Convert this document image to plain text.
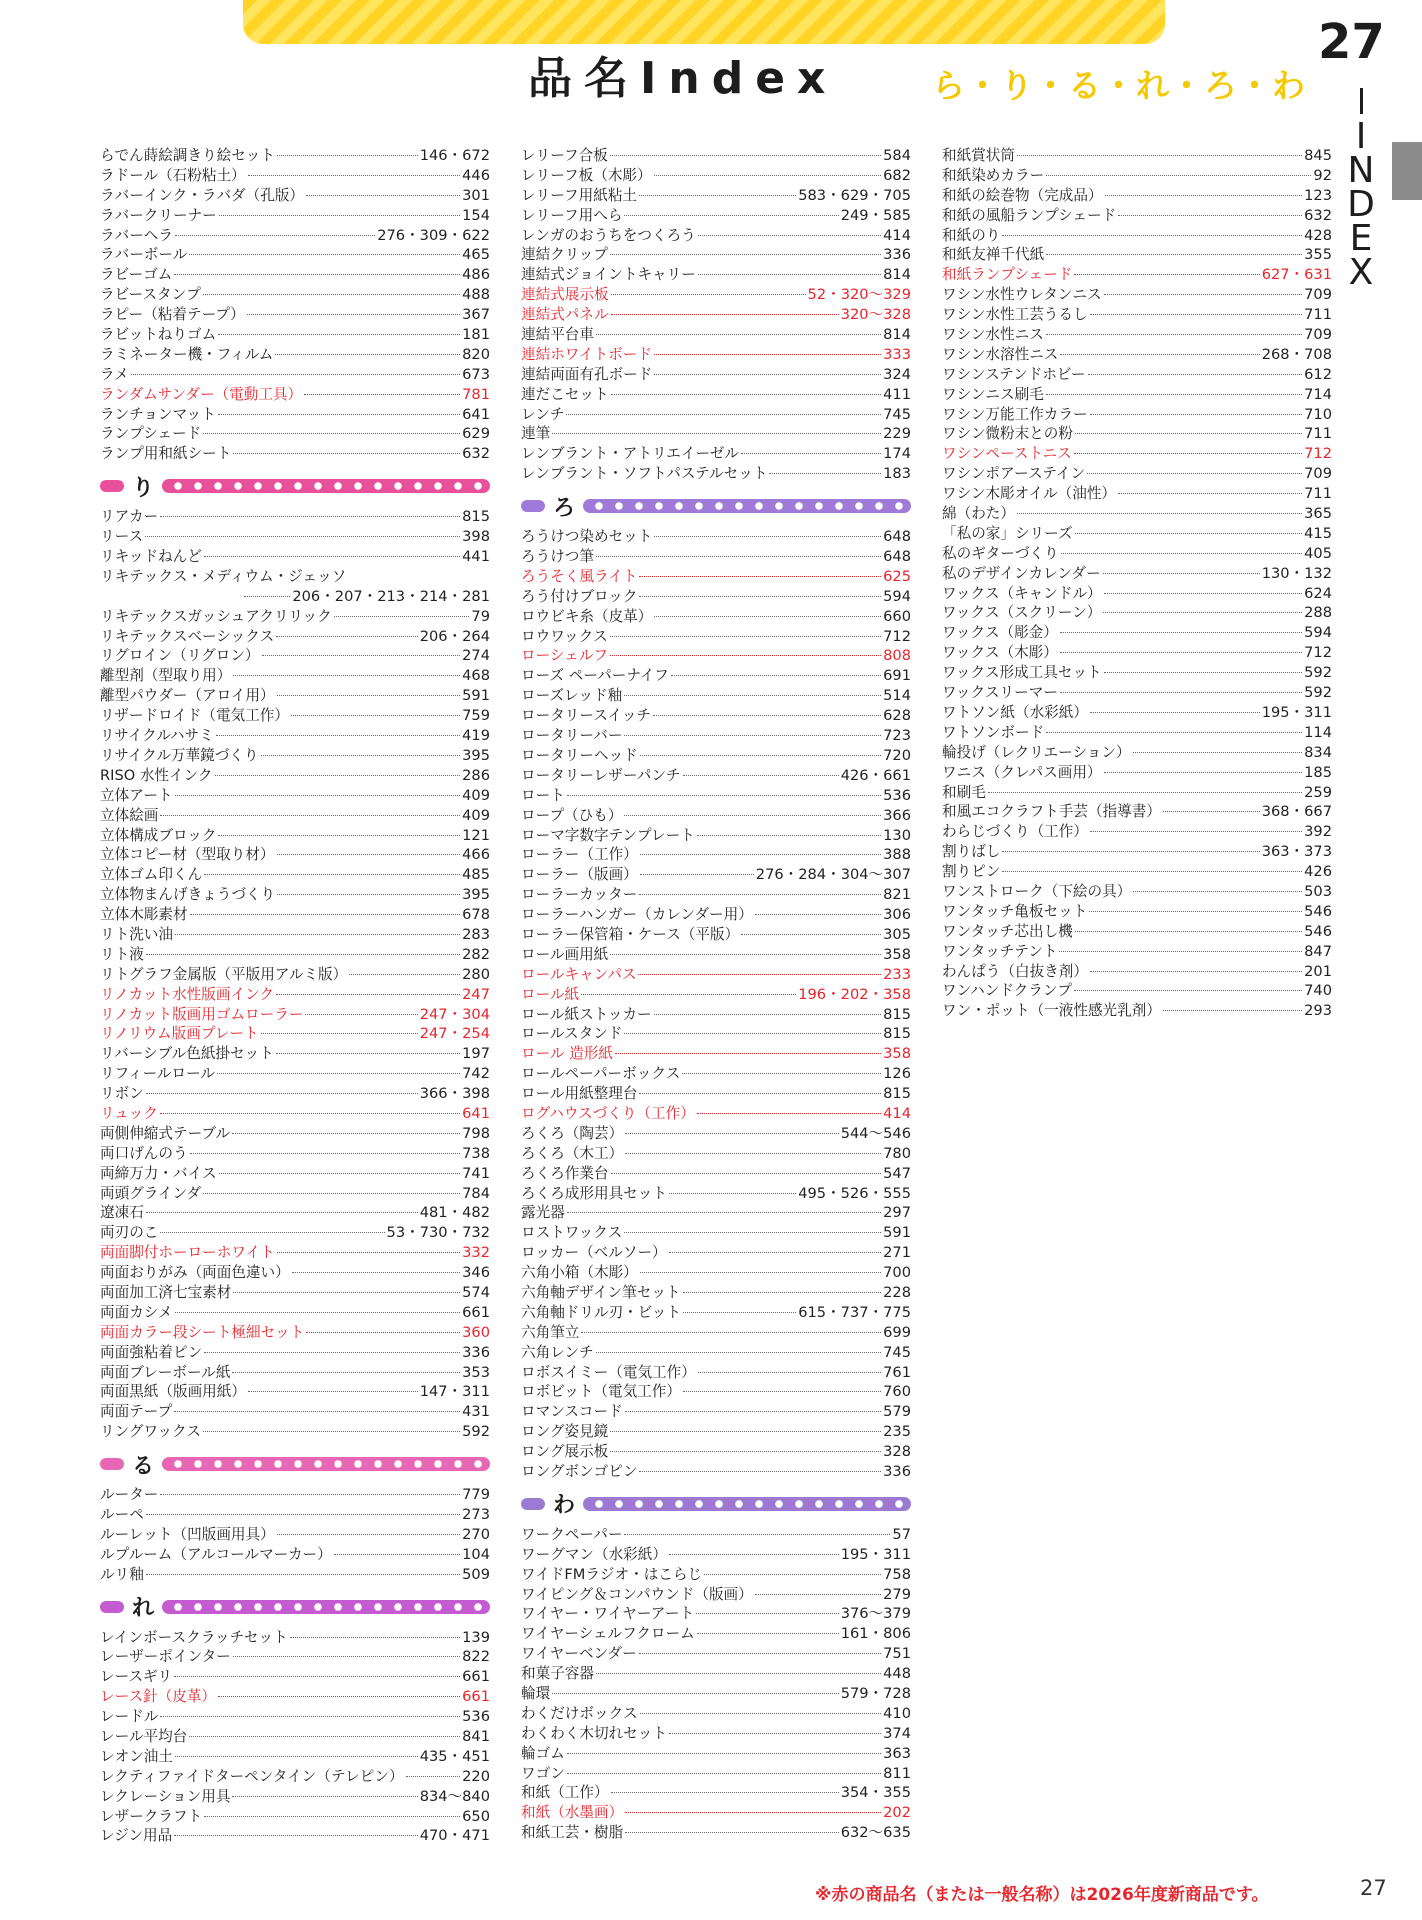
品名Index	ら・り・る・れ・ろ・わ
27
I
N
D
E
X
らでん蒔絵調きり絵セット	146・672
ラドール（石粉粘土）	446
ラバーインク・ラバダ（孔版）	301
ラバークリーナー	154
ラバーヘラ	276・309・622
ラバーボール	465
ラビーゴム	486
ラビースタンプ	488
ラピー（粘着テープ）	367
ラビットねりゴム	181
ラミネーター機・フィルム	820
ラメ	673
ランダムサンダー（電動工具）	781
ランチョンマット	641
ランプシェード	629
ランプ用和紙シート	632
り
リアカー	815
リース	398
リキッドねんど	441
リキテックス・メディウム・ジェッソ
206・207・213・214・281
リキテックスガッシュアクリリック	79
リキテックスベーシックス	206・264
リグロイン（リグロン）	274
離型剤（型取り用）	468
離型パウダー（アロイ用）	591
リザードロイド（電気工作）	759
リサイクルハサミ	419
リサイクル万華鏡づくり	395
RISO 水性インク	286
立体アート	409
立体絵画	409
立体構成ブロック	121
立体コピー材（型取り材）	466
立体ゴム印くん	485
立体物まんげきょうづくり	395
立体木彫素材	678
リト洗い油	283
リト液	282
リトグラフ金属版（平版用アルミ版）	280
リノカット水性版画インク	247
リノカット版画用ゴムローラー	247・304
リノリウム版画プレート	247・254
リバーシブル色紙掛セット	197
リフィールロール	742
リボン	366・398
リュック	641
両側伸縮式テーブル	798
両口げんのう	738
両締万力・バイス	741
両頭グラインダ	784
遼凍石	481・482
両刃のこ	53・730・732
両面脚付ホーローホワイト	332
両面おりがみ（両面色違い）	346
両面加工済七宝素材	574
両面カシメ	661
両面カラー段シート極細セット	360
両面強粘着ピン	336
両面ブレーボール紙	353
両面黒紙（版画用紙）	147・311
両面テープ	431
リングワックス	592
る
ルーター	779
ルーペ	273
ルーレット（凹版画用具）	270
ルプルーム（アルコールマーカー）	104
ルリ釉	509
れ
レインボースクラッチセット	139
レーザーポインター	822
レースギリ	661
レース針（皮革）	661
レードル	536
レール平均台	841
レオン油土	435・451
レクティファイドターペンタイン（テレピン）	220
レクレーション用具	834〜840
レザークラフト	650
レジン用品	470・471
レリーフ合板	584
レリーフ板（木彫）	682
レリーフ用紙粘土	583・629・705
レリーフ用へら	249・585
レンガのおうちをつくろう	414
連結クリップ	336
連結式ジョイントキャリー	814
連結式展示板	52・320〜329
連結式パネル	320〜328
連結平台車	814
連結ホワイトボード	333
連結両面有孔ボード	324
連だこセット	411
レンチ	745
連筆	229
レンブラント・アトリエイーゼル	174
レンブラント・ソフトパステルセット	183
ろ
ろうけつ染めセット	648
ろうけつ筆	648
ろうそく風ライト	625
ろう付けブロック	594
ロウビキ糸（皮革）	660
ロウワックス	712
ローシェルフ	808
ローズ ペーパーナイフ	691
ローズレッド釉	514
ロータリースイッチ	628
ロータリーバー	723
ロータリーヘッド	720
ロータリーレザーパンチ	426・661
ロート	536
ロープ（ひも）	366
ローマ字数字テンプレート	130
ローラー（工作）	388
ローラー（版画）	276・284・304〜307
ローラーカッター	821
ローラーハンガー（カレンダー用）	306
ローラー保管箱・ケース（平版）	305
ロール画用紙	358
ロールキャンパス	233
ロール紙	196・202・358
ロール紙ストッカー	815
ロールスタンド	815
ロール 造形紙	358
ロールペーパーボックス	126
ロール用紙整理台	815
ログハウスづくり（工作）	414
ろくろ（陶芸）	544〜546
ろくろ（木工）	780
ろくろ作業台	547
ろくろ成形用具セット	495・526・555
露光器	297
ロストワックス	591
ロッカー（ベルソー）	271
六角小箱（木彫）	700
六角軸デザイン筆セット	228
六角軸ドリル刃・ビット	615・737・775
六角筆立	699
六角レンチ	745
ロボスイミー（電気工作）	761
ロボビット（電気工作）	760
ロマンスコード	579
ロング姿見鏡	235
ロング展示板	328
ロングボンゴピン	336
わ
ワークペーパー	57
ワーグマン（水彩紙）	195・311
ワイドFMラジオ・はこらじ	758
ワイピング＆コンパウンド（版画）	279
ワイヤー・ワイヤーアート	376〜379
ワイヤーシェルフクローム	161・806
ワイヤーベンダー	751
和菓子容器	448
輪環	579・728
わくだけボックス	410
わくわく木切れセット	374
輪ゴム	363
ワゴン	811
和紙（工作）	354・355
和紙（水墨画）	202
和紙工芸・樹脂	632〜635
和紙賞状筒	845
和紙染めカラー	92
和紙の絵巻物（完成品）	123
和紙の風船ランプシェード	632
和紙のり	428
和紙友禅千代紙	355
和紙ランプシェード	627・631
ワシン水性ウレタンニス	709
ワシン水性工芸うるし	711
ワシン水性ニス	709
ワシン水溶性ニス	268・708
ワシンステンドホビー	612
ワシンニス刷毛	714
ワシン万能工作カラー	710
ワシン微粉末との粉	711
ワシンペーストニス	712
ワシンポアーステイン	709
ワシン木彫オイル（油性）	711
綿（わた）	365
「私の家」シリーズ	415
私のギターづくり	405
私のデザインカレンダー	130・132
ワックス（キャンドル）	624
ワックス（スクリーン）	288
ワックス（彫金）	594
ワックス（木彫）	712
ワックス形成工具セット	592
ワックスリーマー	592
ワトソン紙（水彩紙）	195・311
ワトソンボード	114
輪投げ（レクリエーション）	834
ワニス（クレパス画用）	185
和刷毛	259
和風エコクラフト手芸（指導書）	368・667
わらじづくり（工作）	392
割りばし	363・373
割りピン	426
ワンストローク（下絵の具）	503
ワンタッチ亀板セット	546
ワンタッチ芯出し機	546
ワンタッチテント	847
わんぱう（白抜き剤）	201
ワンハンドクランプ	740
ワン・ポット（一液性感光乳剤）	293
※赤の商品名（または一般名称）は2026年度新商品です。	27
